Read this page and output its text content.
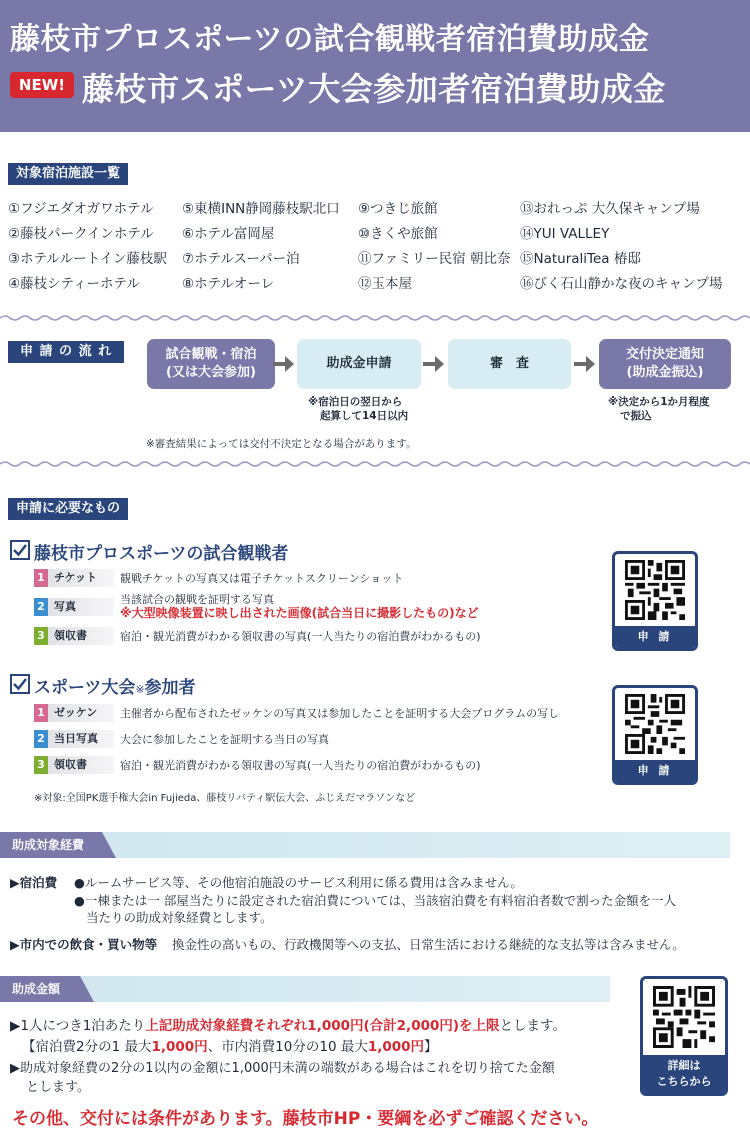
藤枝市プロスポーツの試合観戦者宿泊費助成金
NEW! 藤枝市スポーツ大会参加者宿泊費助成金
対象宿泊施設一覧
①フジエダオガワホテル
②藤枝パークインホテル
③ホテルルートイン藤枝駅
④藤枝シティーホテル
⑤東横INN静岡藤枝駅北口
⑥ホテル富岡屋
⑦ホテルスーパー泊
⑧ホテルオーレ
⑨つきじ旅館
⑩きくや旅館
⑪ファミリー民宿 朝比奈
⑫玉本屋
⑬おれっぷ 大久保キャンプ場
⑭YUI VALLEY
⑮NaturaliTea 椿邸
⑯びく石山静かな夜のキャンプ場
申 請 の 流 れ	試合観戦・宿泊
(又は大会参加)
助成金申請	審　査
交付決定通知
(助成金振込)
※宿泊日の翌日から
起算して14日以内
※決定から1か月程度
で振込
※審査結果によっては交付不決定となる場合があります。
申請に必要なもの
藤枝市プロスポーツの試合観戦者
1 チケット	観戦チケットの写真又は電子チケットスクリーンショット
2 写真
当該試合の観戦を証明する写真
※大型映像装置に映し出された画像(試合当日に撮影したもの)など
3 領収書	宿泊・観光消費がわかる領収書の写真(一人当たりの宿泊費がわかるもの)	申 請
スポーツ大会※参加者
1 ゼッケン	主催者から配布されたゼッケンの写真又は参加したことを証明する大会プログラムの写し
2 当日写真	大会に参加したことを証明する当日の写真
3 領収書	宿泊・観光消費がわかる領収書の写真(一人当たりの宿泊費がわかるもの)	申 請
※対象:全国PK選手権大会in Fujieda、藤枝リバティ駅伝大会、ふじえだマラソンなど
助成対象経費
▶宿泊費 ●ルームサービス等、その他宿泊施設のサービス利用に係る費用は含みません。
●一棟または一 部屋当たりに設定された宿泊費については、当該宿泊費を有料宿泊者数で割った金額を一人
当たりの助成対象経費とします。
▶市内での飲食・買い物等 換金性の高いもの、行政機関等への支払、日常生活における継続的な支払等は含みません。
助成金額
▶1人につき1泊あたり上記助成対象経費それぞれ1,000円(合計2,000円)を上限とします。
【宿泊費2分の1 最大1,000円、市内消費10分の10 最大1,000円】
▶助成対象経費の2分の1以内の金額に1,000円未満の端数がある場合はこれを切り捨てた金額
とします。
詳細は
こちらから
その他、交付には条件があります。藤枝市HP・要綱を必ずご確認ください。
